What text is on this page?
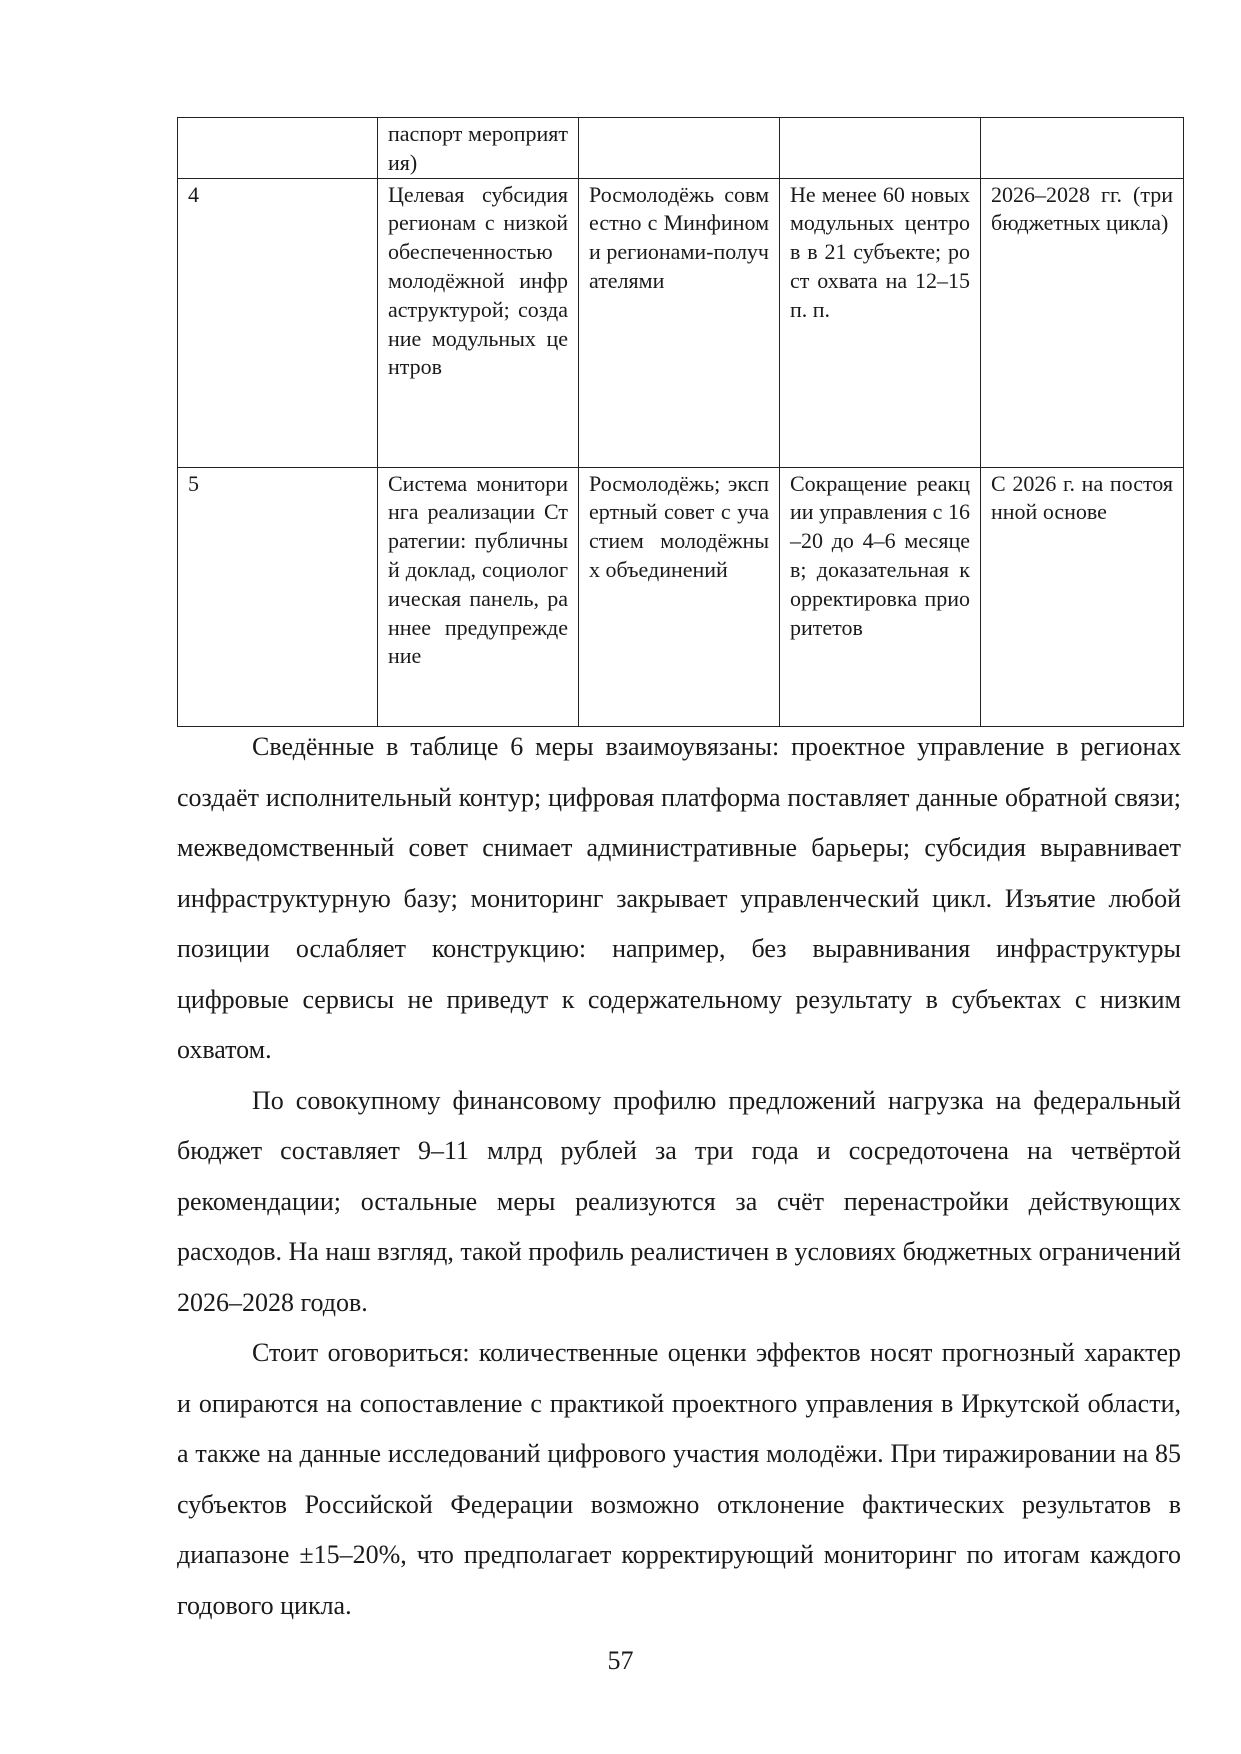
	паспорт мероприятия)			
4	Целевая субсидия регионам с низкой обеспеченностью молодёжной инфраструктурой; создание модульных центров	Росмолодёжь совместно с Минфином и регионами-получателями	Не менее 60 новых модульных центров в 21 субъекте; рост охвата на 12–15 п. п.	2026–2028 гг. (три бюджетных цикла)
5	Система мониторинга реализации Стратегии: публичный доклад, социологическая панель, раннее предупреждение	Росмолодёжь; экспертный совет с участием молодёжных объединений	Сокращение реакции управления с 16–20 до 4–6 месяцев; доказательная корректировка приоритетов	С 2026 г. на постоянной основе

Сведённые в таблице 6 меры взаимоувязаны: проектное управление в регионах создаёт исполнительный контур; цифровая платформа поставляет данные обратной связи; межведомственный совет снимает административные барьеры; субсидия выравнивает инфраструктурную базу; мониторинг закрывает управленческий цикл. Изъятие любой позиции ослабляет конструкцию: например, без выравнивания инфраструктуры цифровые сервисы не приведут к содержательному результату в субъектах с низким охватом.

По совокупному финансовому профилю предложений нагрузка на федеральный бюджет составляет 9–11 млрд рублей за три года и сосредоточена на четвёртой рекомендации; остальные меры реализуются за счёт перенастройки действующих расходов. На наш взгляд, такой профиль реалистичен в условиях бюджетных ограничений 2026–2028 годов.

Стоит оговориться: количественные оценки эффектов носят прогнозный характер и опираются на сопоставление с практикой проектного управления в Иркутской области, а также на данные исследований цифрового участия молодёжи. При тиражировании на 85 субъектов Российской Федерации возможно отклонение фактических результатов в диапазоне ±15–20%, что предполагает корректирующий мониторинг по итогам каждого годового цикла.

57
